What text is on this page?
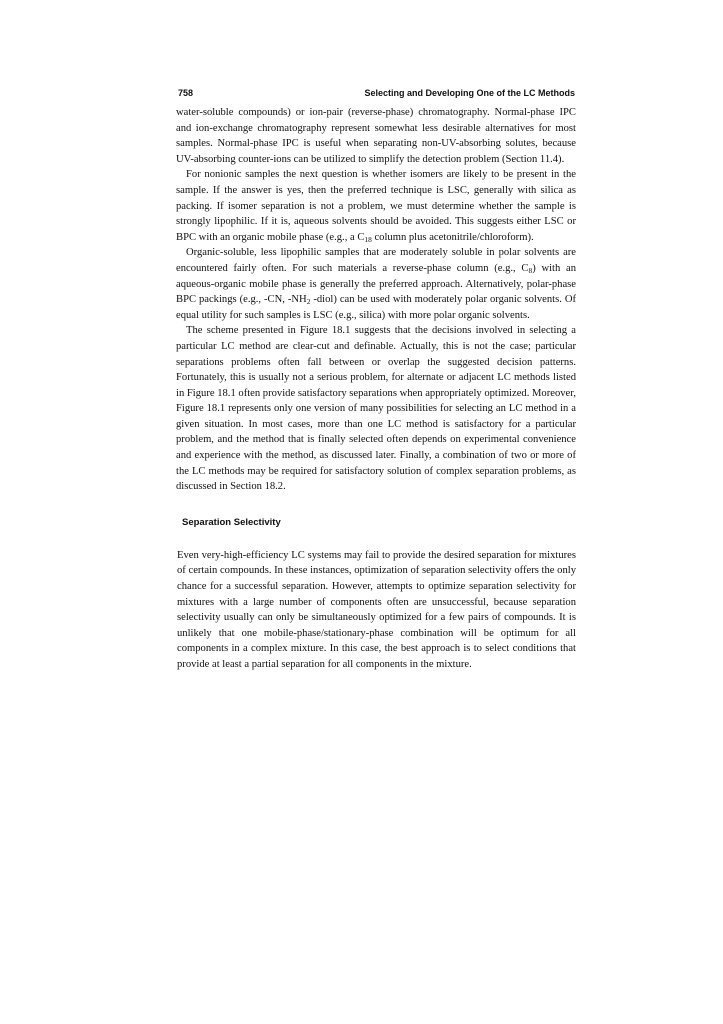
758	Selecting and Developing One of the LC Methods

water-soluble compounds) or ion-pair (reverse-phase) chromatography. Normal-phase IPC and ion-exchange chromatography represent somewhat less desirable alternatives for most samples. Normal-phase IPC is useful when separating non-UV-absorbing solutes, because UV-absorbing counter-ions can be utilized to simplify the detection problem (Section 11.4).

For nonionic samples the next question is whether isomers are likely to be present in the sample. If the answer is yes, then the preferred technique is LSC, generally with silica as packing. If isomer separation is not a problem, we must determine whether the sample is strongly lipophilic. If it is, aqueous solvents should be avoided. This suggests either LSC or BPC with an organic mobile phase (e.g., a $C_{18}$ column plus acetonitrile/chloroform).

Organic-soluble, less lipophilic samples that are moderately soluble in polar solvents are encountered fairly often. For such materials a reverse-phase column (e.g., $C_8$) with an aqueous-organic mobile phase is generally the preferred approach. Alternatively, polar-phase BPC packings (e.g., -CN, $-NH_2$ -diol) can be used with moderately polar organic solvents. Of equal utility for such samples is LSC (e.g., silica) with more polar organic solvents.

The scheme presented in Figure 18.1 suggests that the decisions involved in selecting a particular LC method are clear-cut and definable. Actually, this is not the case; particular separations problems often fall between or overlap the suggested decision patterns. Fortunately, this is usually not a serious problem, for alternate or adjacent LC methods listed in Figure 18.1 often provide satisfactory separations when appropriately optimized. Moreover, Figure 18.1 represents only one version of many possibilities for selecting an LC method in a given situation. In most cases, more than one LC method is satisfactory for a particular problem, and the method that is finally selected often depends on experimental convenience and experience with the method, as discussed later. Finally, a combination of two or more of the LC methods may be required for satisfactory solution of complex separation problems, as discussed in Section 18.2.

Separation Selectivity

Even very-high-efficiency LC systems may fail to provide the desired separation for mixtures of certain compounds. In these instances, optimization of separation selectivity offers the only chance for a successful separation. However, attempts to optimize separation selectivity for mixtures with a large number of components often are unsuccessful, because separation selectivity usually can only be simultaneously optimized for a few pairs of compounds. It is unlikely that one mobile-phase/stationary-phase combination will be optimum for all components in a complex mixture. In this case, the best approach is to select conditions that provide at least a partial separation for all components in the mixture.
